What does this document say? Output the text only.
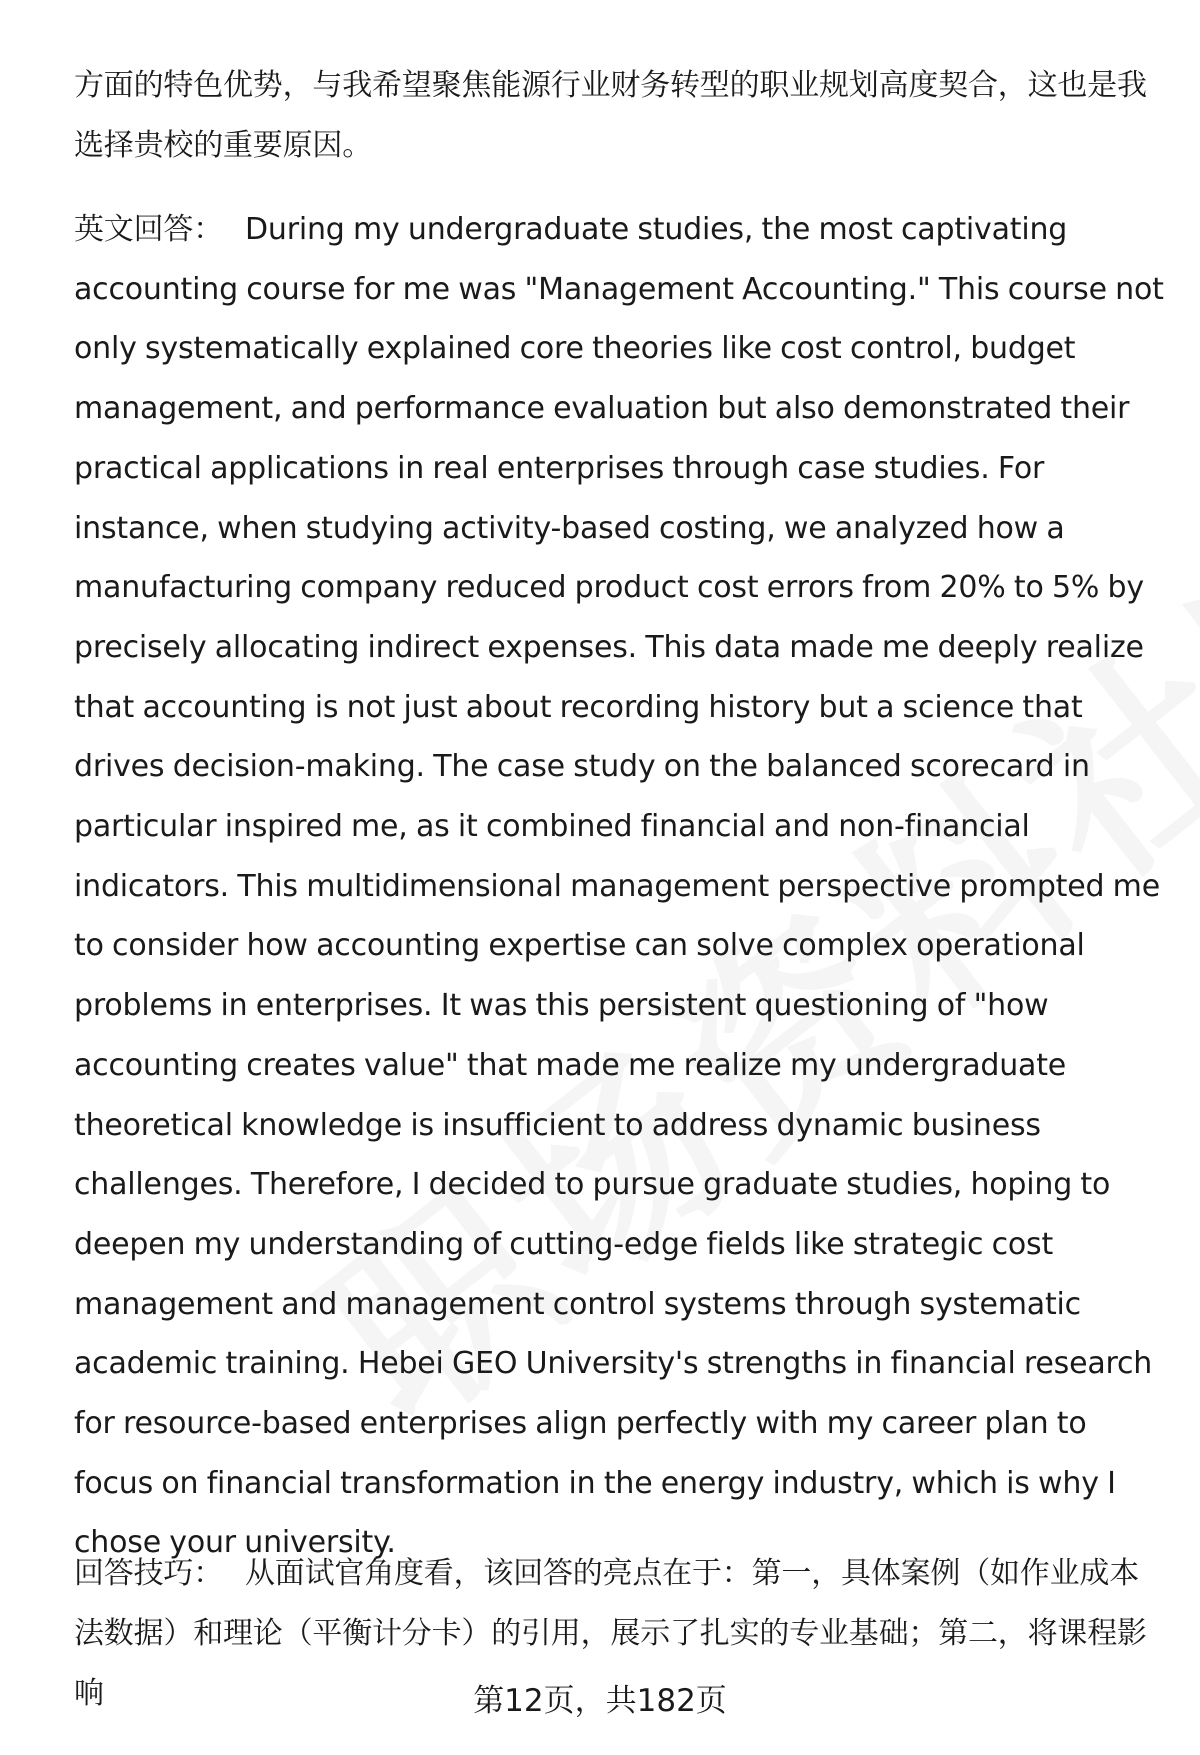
方面的特色优势，与我希望聚焦能源行业财务转型的职业规划高度契合，这也是我选择贵校的重要原因。

英文回答： During my undergraduate studies, the most captivating accounting course for me was "Management Accounting." This course not only systematically explained core theories like cost control, budget management, and performance evaluation but also demonstrated their practical applications in real enterprises through case studies. For instance, when studying activity-based costing, we analyzed how a manufacturing company reduced product cost errors from 20% to 5% by precisely allocating indirect expenses. This data made me deeply realize that accounting is not just about recording history but a science that drives decision-making. The case study on the balanced scorecard in particular inspired me, as it combined financial and non-financial indicators. This multidimensional management perspective prompted me to consider how accounting expertise can solve complex operational problems in enterprises. It was this persistent questioning of "how accounting creates value" that made me realize my undergraduate theoretical knowledge is insufficient to address dynamic business challenges. Therefore, I decided to pursue graduate studies, hoping to deepen my understanding of cutting-edge fields like strategic cost management and management control systems through systematic academic training. Hebei GEO University's strengths in financial research for resource-based enterprises align perfectly with my career plan to focus on financial transformation in the energy industry, which is why I chose your university.

回答技巧： 从面试官角度看，该回答的亮点在于：第一，具体案例（如作业成本法数据）和理论（平衡计分卡）的引用，展示了扎实的专业基础；第二，将课程影响	第12页，共182页
